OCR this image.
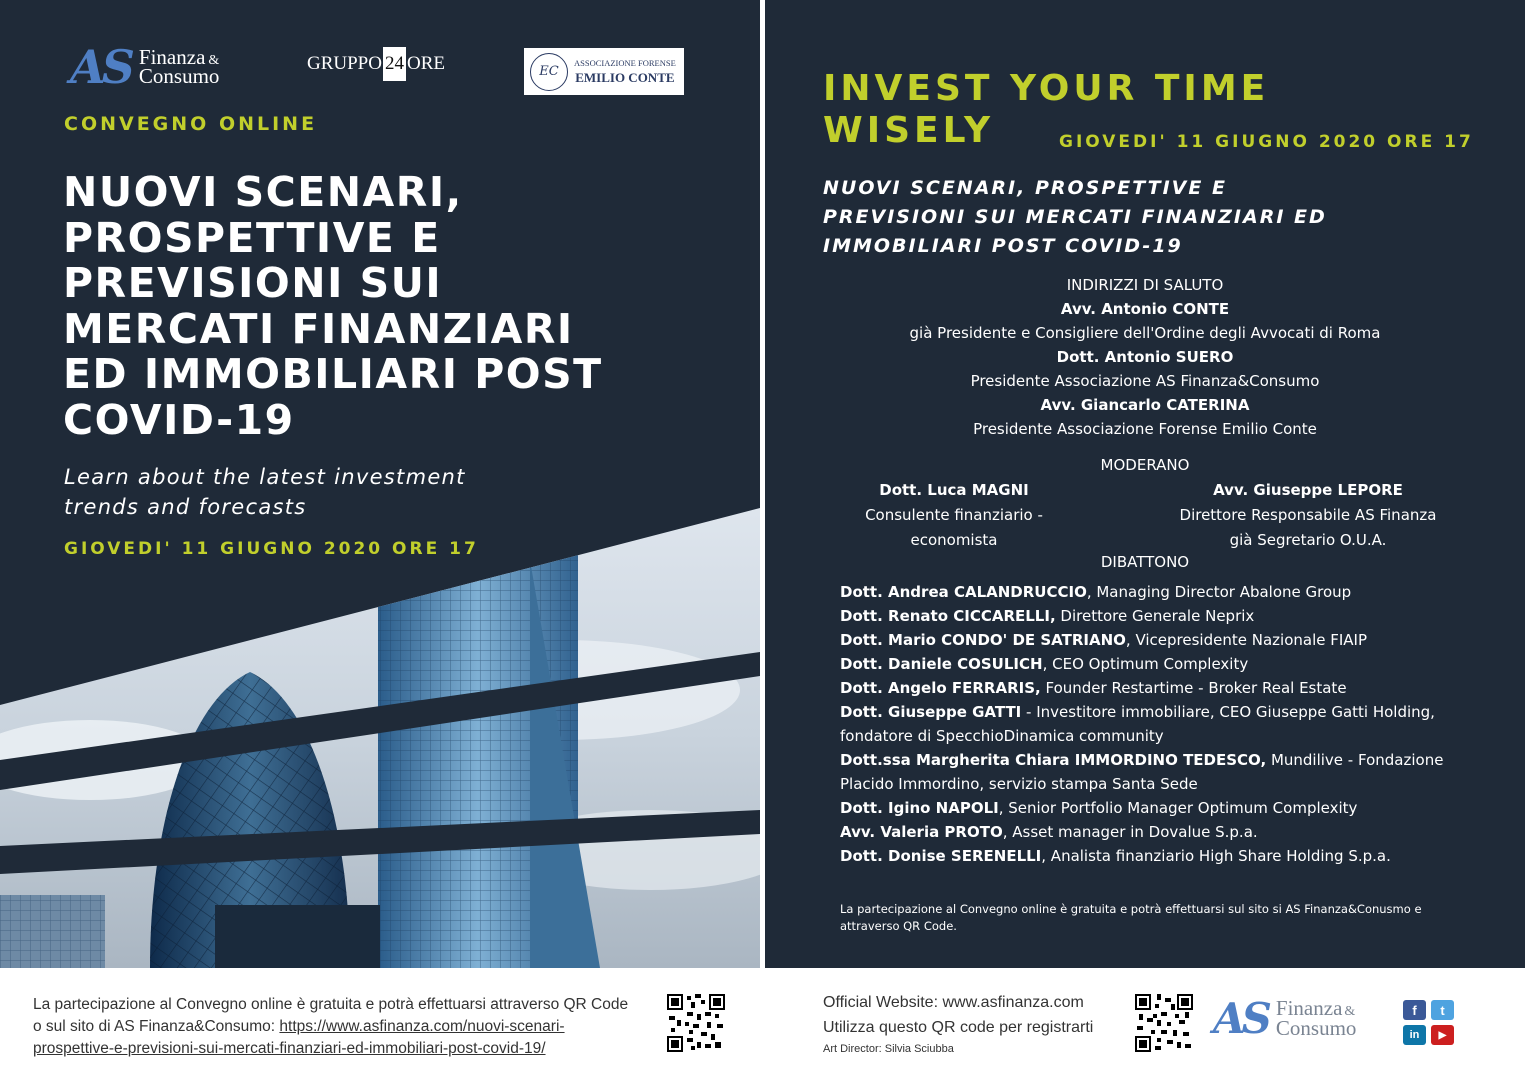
AS Finanza &
Consumo
GRUPPO 24 ORE	EC
ASSOCIAZIONE FORENSE
EMILIO CONTE
CONVEGNO ONLINE
NUOVI SCENARI, PROSPETTIVE E PREVISIONI SUI MERCATI FINANZIARI ED IMMOBILIARI POST COVID-19
Learn about the latest investment trends and forecasts
GIOVEDI' 11 GIUGNO 2020 ORE 17
INVEST YOUR TIME
WISELY	GIOVEDI' 11 GIUGNO 2020 ORE 17
NUOVI SCENARI, PROSPETTIVE E PREVISIONI SUI MERCATI FINANZIARI ED IMMOBILIARI POST COVID-19
INDIRIZZI DI SALUTO
Avv. Antonio CONTE
già Presidente e Consigliere dell'Ordine degli Avvocati di Roma
Dott. Antonio SUERO
Presidente Associazione AS Finanza&Consumo
Avv. Giancarlo CATERINA
Presidente Associazione Forense Emilio Conte
MODERANO
Dott. Luca MAGNI
Consulente finanziario -
economista
Avv. Giuseppe LEPORE
Direttore Responsabile AS Finanza
già Segretario O.U.A.
DIBATTONO
Dott. Andrea CALANDRUCCIO, Managing Director Abalone Group
Dott. Renato CICCARELLI, Direttore Generale Neprix
Dott. Mario CONDO' DE SATRIANO, Vicepresidente Nazionale FIAIP
Dott. Daniele COSULICH, CEO Optimum Complexity
Dott. Angelo FERRARIS, Founder Restartime - Broker Real Estate
Dott. Giuseppe GATTI - Investitore immobiliare, CEO Giuseppe Gatti Holding, fondatore di SpecchioDinamica community
Dott.ssa Margherita Chiara IMMORDINO TEDESCO, Mundilive - Fondazione Placido Immordino, servizio stampa Santa Sede
Dott. Igino NAPOLI, Senior Portfolio Manager Optimum Complexity
Avv. Valeria PROTO, Asset manager in Dovalue S.p.a.
Dott. Donise SERENELLI, Analista finanziario High Share Holding S.p.a.
La partecipazione al Convegno online è gratuita e potrà effettuarsi sul sito si AS Finanza&Conusmo e attraverso QR Code.
La partecipazione al Convegno online è gratuita e potrà effettuarsi attraverso QR Code
o sul sito di AS Finanza&Consumo: https://www.asfinanza.com/nuovi-scenari-
prospettive-e-previsioni-sui-mercati-finanziari-ed-immobiliari-post-covid-19/
Official Website: www.asfinanza.com
Utilizza questo QR code per registrarti
Art Director: Silvia Sciubba
AS Finanza &
Consumo
f	t
in	▶
